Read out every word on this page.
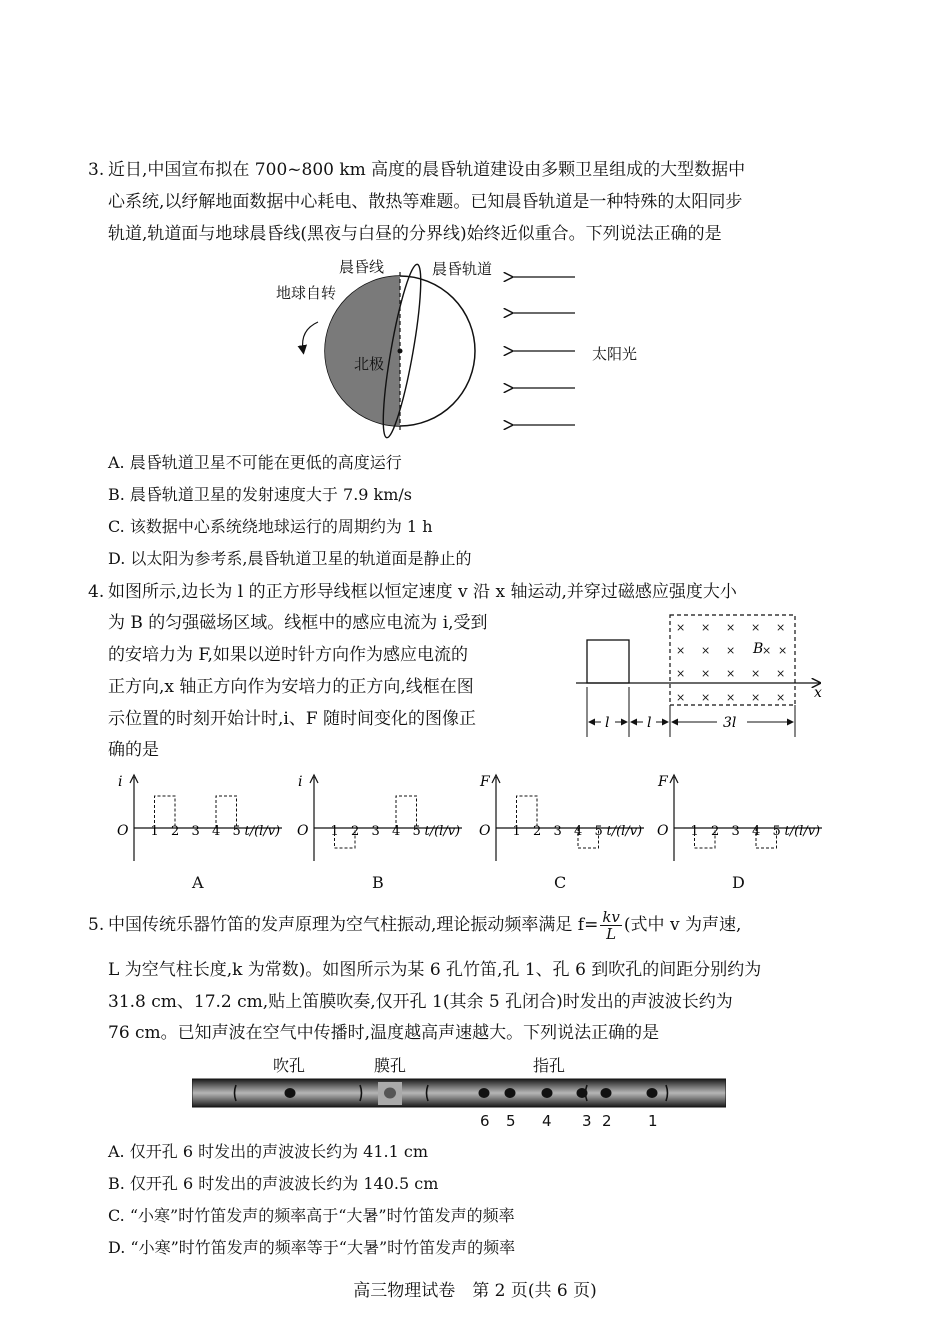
3. 近日,中国宣布拟在 700~800 km 高度的晨昏轨道建设由多颗卫星组成的大型数据中
心系统,以纾解地面数据中心耗电、散热等难题。已知晨昏轨道是一种特殊的太阳同步
轨道,轨道面与地球晨昏线(黑夜与白昼的分界线)始终近似重合。下列说法正确的是
晨昏线	晨昏轨道
地球自转
北极
太阳光
A. 晨昏轨道卫星不可能在更低的高度运行
B. 晨昏轨道卫星的发射速度大于 7.9 km/s
C. 该数据中心系统绕地球运行的周期约为 1 h
D. 以太阳为参考系,晨昏轨道卫星的轨道面是静止的
4. 如图所示,边长为 l 的正方形导线框以恒定速度 v 沿 x 轴运动,并穿过磁感应强度大小
为 B 的匀强磁场区域。线框中的感应电流为 i,受到
的安培力为 F,如果以逆时针方向作为感应电流的
正方向,x 轴正方向作为安培力的正方向,线框在图
示位置的时刻开始计时,i、F 随时间变化的图像正
确的是
× × × × ×
× × × × ×
× × × × ×
× × × × ×
B
x
l	l	3l
i
O 1 2 3 4 5 t/(l/v)
A
i
O 1 2 3 4 5 t/(l/v)
B
F
O 1 2 3 4 5 t/(l/v)
C
F
O 1 2 3 4 5 t/(l/v)
D
5. 中国传统乐器竹笛的发声原理为空气柱振动,理论振动频率满足 $f= \frac{kv}{L}$ (式中 v 为声速,
L 为空气柱长度,k 为常数)。如图所示为某 6 孔竹笛,孔 1、孔 6 到吹孔的间距分别约为
31.8 cm、17.2 cm,贴上笛膜吹奏,仅开孔 1(其余 5 孔闭合)时发出的声波波长约为
76 cm。已知声波在空气中传播时,温度越高声速越大。下列说法正确的是
吹孔	膜孔	指孔
6 5 4 3 2 1
A. 仅开孔 6 时发出的声波波长约为 41.1 cm
B. 仅开孔 6 时发出的声波波长约为 140.5 cm
C. “小寒”时竹笛发声的频率高于“大暑”时竹笛发声的频率
D. “小寒”时竹笛发声的频率等于“大暑”时竹笛发声的频率
高三物理试卷　第 2 页(共 6 页)
